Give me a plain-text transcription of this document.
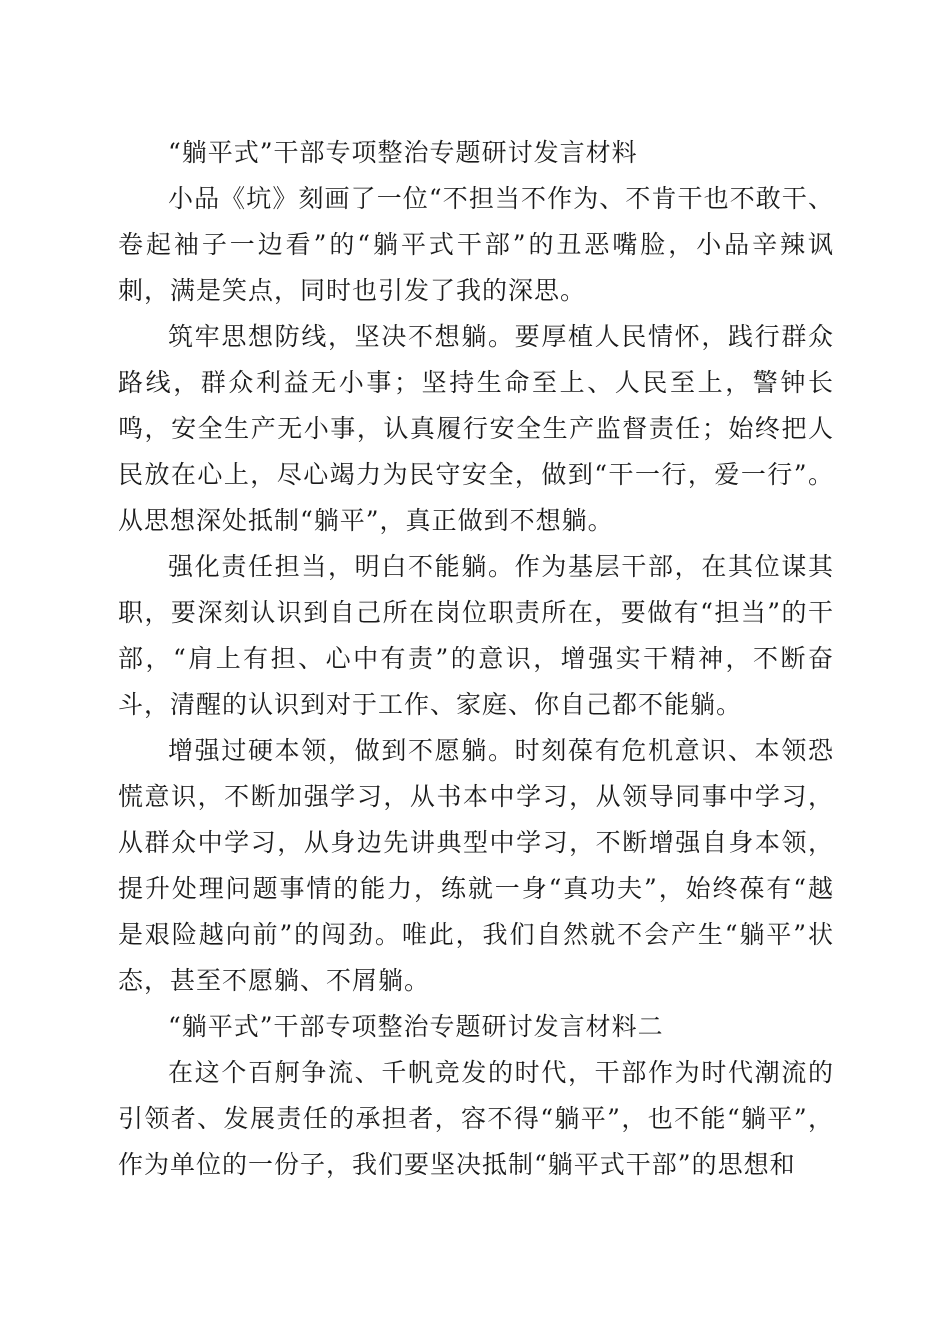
“躺平式”干部专项整治专题研讨发言材料

小品《坑》刻画了一位“不担当不作为、不肯干也不敢干、卷起袖子一边看”的“躺平式干部”的丑恶嘴脸，小品辛辣讽刺，满是笑点，同时也引发了我的深思。

筑牢思想防线，坚决不想躺。要厚植人民情怀，践行群众路线，群众利益无小事；坚持生命至上、人民至上，警钟长鸣，安全生产无小事，认真履行安全生产监督责任；始终把人民放在心上，尽心竭力为民守安全，做到“干一行，爱一行”。从思想深处抵制“躺平”，真正做到不想躺。

强化责任担当，明白不能躺。作为基层干部，在其位谋其职，要深刻认识到自己所在岗位职责所在，要做有“担当”的干部，“肩上有担、心中有责”的意识，增强实干精神，不断奋斗，清醒的认识到对于工作、家庭、你自己都不能躺。

增强过硬本领，做到不愿躺。时刻葆有危机意识、本领恐慌意识，不断加强学习，从书本中学习，从领导同事中学习，从群众中学习，从身边先讲典型中学习，不断增强自身本领，提升处理问题事情的能力，练就一身“真功夫”，始终葆有“越是艰险越向前”的闯劲。唯此，我们自然就不会产生“躺平”状态，甚至不愿躺、不屑躺。

“躺平式”干部专项整治专题研讨发言材料二

在这个百舸争流、千帆竞发的时代，干部作为时代潮流的引领者、发展责任的承担者，容不得“躺平”，也不能“躺平”，作为单位的一份子，我们要坚决抵制“躺平式干部”的思想和
